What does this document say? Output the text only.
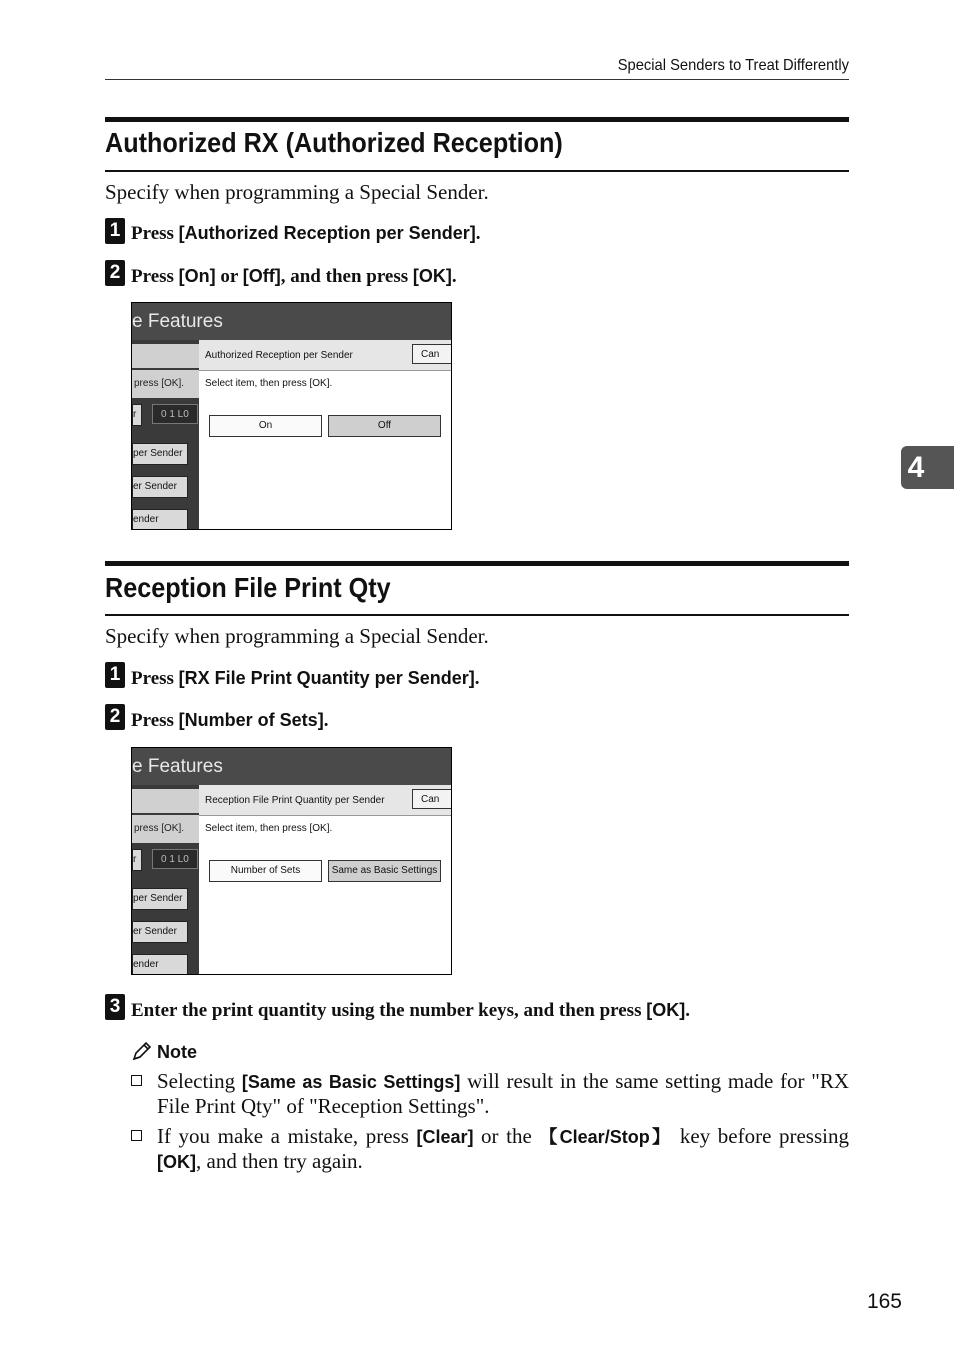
Special Senders to Treat Differently
Authorized RX (Authorized Reception)
Specify when programming a Special Sender.
1 Press [Authorized Reception per Sender].
2 Press [On] or [Off], and then press [OK].
e Features
press [OK].
r	0 1 L0
per Sender
er Sender
ender
Authorized Reception per Sender	Can
Select item, then press [OK].
On	Off
Reception File Print Qty
Specify when programming a Special Sender.
1 Press [RX File Print Quantity per Sender].
2 Press [Number of Sets].
e Features
press [OK].
r	0 1 L0
per Sender
er Sender
ender
Reception File Print Quantity per Sender	Can
Select item, then press [OK].
Number of Sets	Same as Basic Settings
3 Enter the print quantity using the number keys, and then press [OK].
Note
Selecting [Same as Basic Settings] will result in the same setting made for "RX File Print Qty" of "Reception Settings".
If you make a mistake, press [Clear] or the 【Clear/Stop】 key before pressing [OK], and then try again.
4
165
